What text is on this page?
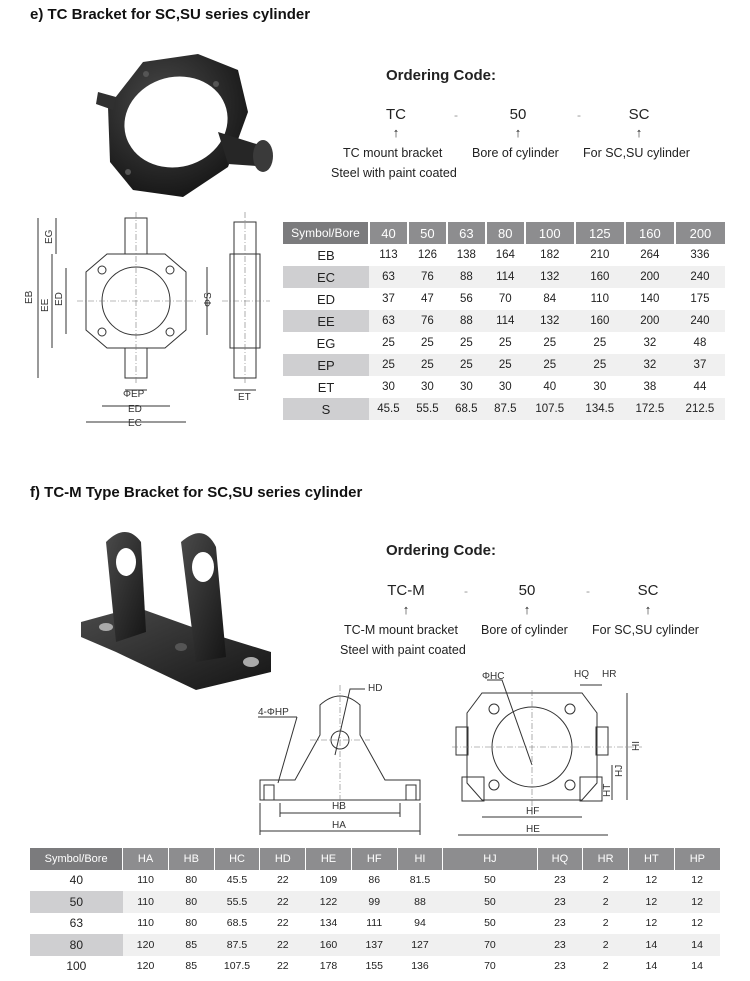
e) TC Bracket for SC,SU series cylinder
Ordering Code:
TC	-	50	-	SC
↑	↑	↑
TC mount bracket Bore of cylinder For SC,SU cylinder
Steel with paint coated
EB
EE ED
EG
ΦS
ΦEP
ED
EC
ET
Symbol/Bore	40	50	63	80	100	125	160	200
EB	113	126	138	164	182	210	264	336
EC	63	76	88	114	132	160	200	240
ED	37	47	56	70	84	110	140	175
EE	63	76	88	114	132	160	200	240
EG	25	25	25	25	25	25	32	48
EP	25	25	25	25	25	25	32	37
ET	30	30	30	30	40	30	38	44
S	45.5	55.5	68.5	87.5	107.5	134.5	172.5	212.5
f) TC-M Type Bracket for SC,SU series cylinder
Ordering Code:
TC-M	-	50	-	SC
↑	↑	↑
TC-M mount bracket Bore of cylinder For SC,SU cylinder
Steel with paint coated
4-ΦHP
HD
HB
HA
ΦHC	HQ HR
HI
HJ
HT
HF
HE
Symbol/Bore	HA	HB	HC	HD	HE	HF	HI	HJ	HQ	HR	HT	HP
40	110	80	45.5	22	109	86	81.5	50	23	2	12	12
50	110	80	55.5	22	122	99	88	50	23	2	12	12
63	110	80	68.5	22	134	111	94	50	23	2	12	12
80	120	85	87.5	22	160	137	127	70	23	2	14	14
100	120	85	107.5	22	178	155	136	70	23	2	14	14
